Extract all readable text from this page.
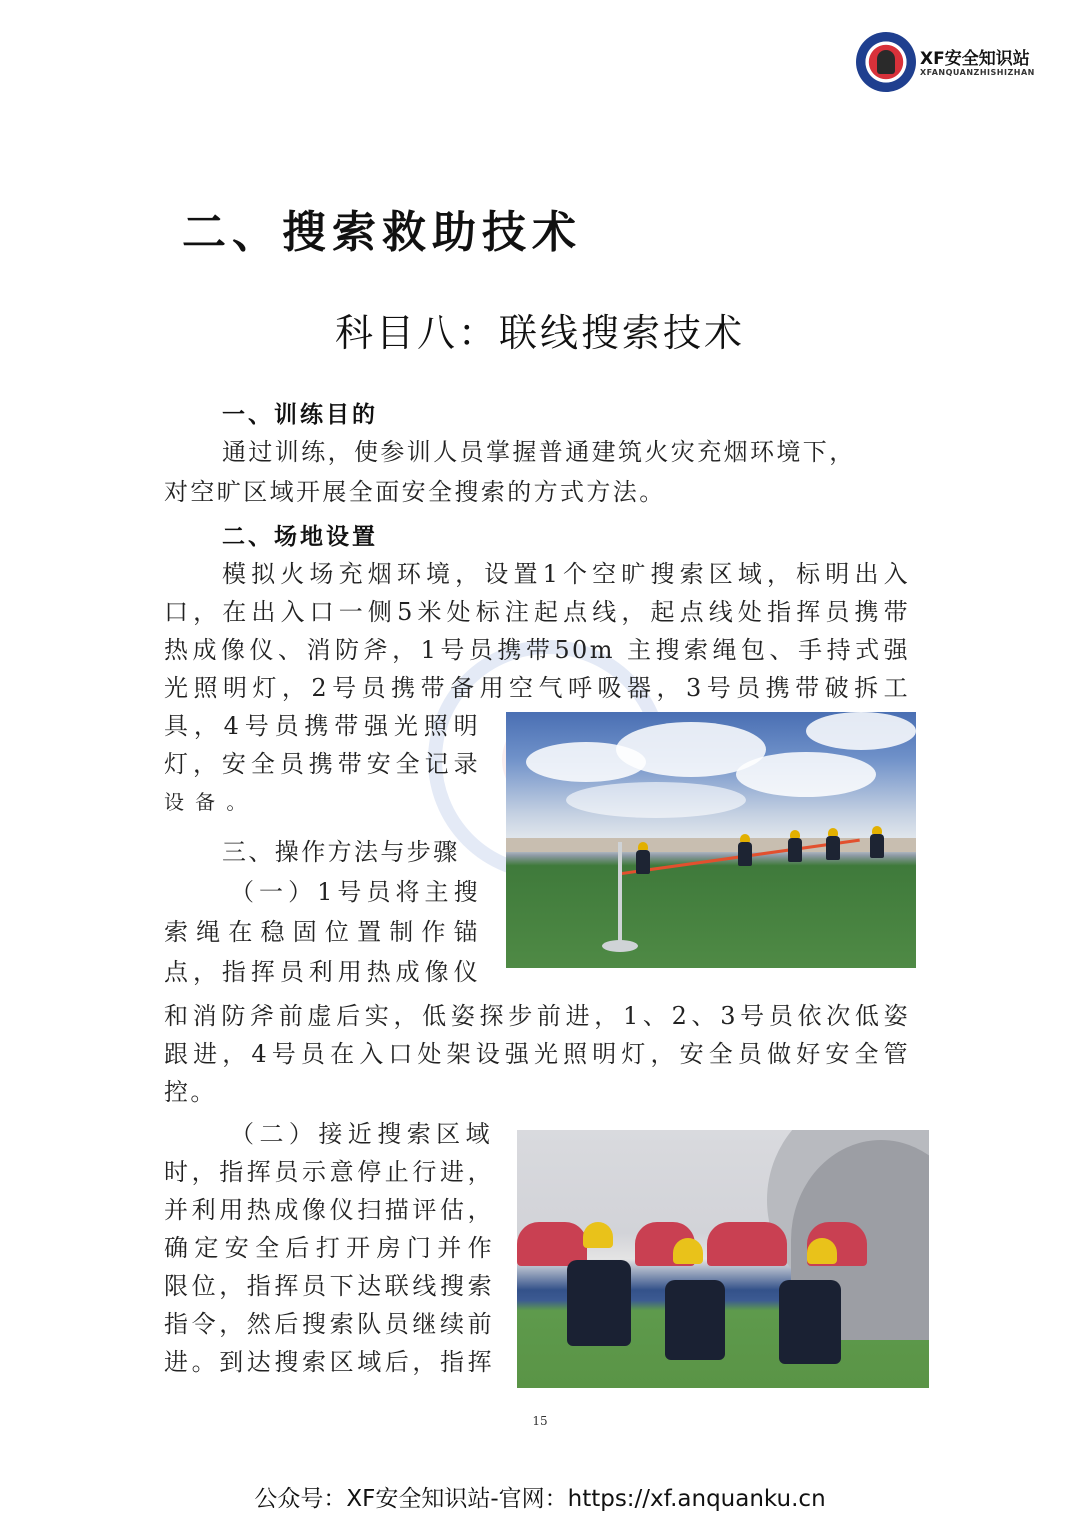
XF安全知识站
XFANQUANZHISHIZHAN
二、搜索救助技术
科目八：联线搜索技术
一、训练目的
通过训练，使参训人员掌握普通建筑火灾充烟环境下，
对空旷区域开展全面安全搜索的方式方法。
二、场地设置
模拟火场充烟环境，设置1个空旷搜索区域，标明出入
口，在出入口一侧5米处标注起点线，起点线处指挥员携带
热成像仪、消防斧，1号员携带50m 主搜索绳包、手持式强
光照明灯，2号员携带备用空气呼吸器，3号员携带破拆工
具，4号员携带强光照明
灯，安全员携带安全记录
设 备 。
三、操作方法与步骤
（一）1号员将主搜
索绳在稳固位置制作锚
点，指挥员利用热成像仪
和消防斧前虚后实，低姿探步前进，1、2、3号员依次低姿
跟进，4号员在入口处架设强光照明灯，安全员做好安全管
控。
（二）接近搜索区域
时，指挥员示意停止行进，
并利用热成像仪扫描评估，
确定安全后打开房门并作
限位，指挥员下达联线搜索
指令，然后搜索队员继续前
进。到达搜索区域后，指挥
15
公众号：XF安全知识站-官网：https://xf.anquanku.cn
